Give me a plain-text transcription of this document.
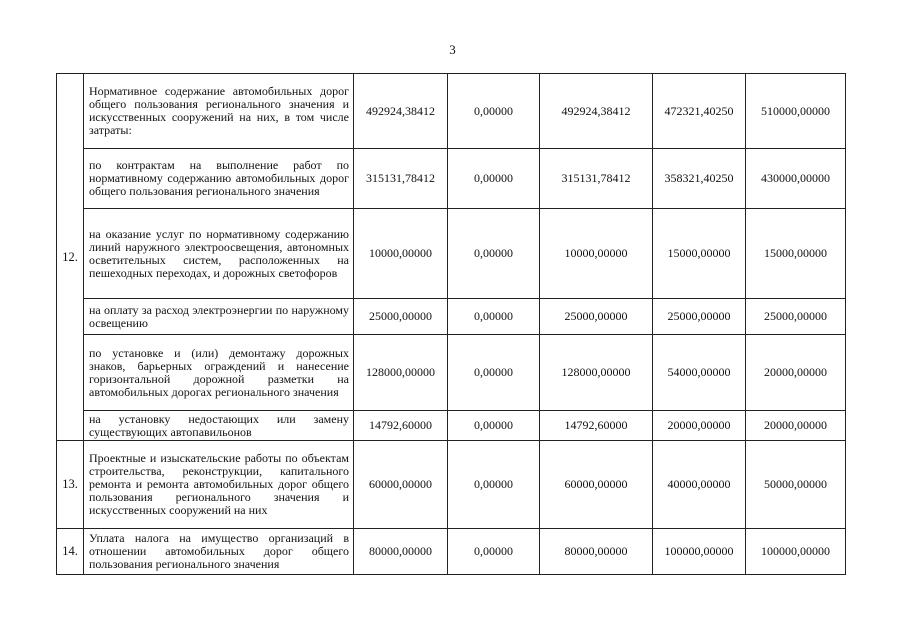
3
12.	Нормативное содержание автомобильных дорог общего пользования регионального значения и искусственных сооружений на них, в том числе затраты:	492924,38412	0,00000	492924,38412	472321,40250	510000,00000
	по контрактам на выполнение работ по нормативному содержанию автомобильных дорог общего пользования регионального значения	315131,78412	0,00000	315131,78412	358321,40250	430000,00000
	на оказание услуг по нормативному содержанию линий наружного электроосвещения, автономных осветительных систем, расположенных на пешеходных переходах, и дорожных светофоров	10000,00000	0,00000	10000,00000	15000,00000	15000,00000
	на оплату за расход электроэнергии по наружному освещению	25000,00000	0,00000	25000,00000	25000,00000	25000,00000
	по установке и (или) демонтажу дорожных знаков, барьерных ограждений и нанесение горизонтальной дорожной разметки на автомобильных дорогах регионального значения	128000,00000	0,00000	128000,00000	54000,00000	20000,00000
	на установку недостающих или замену существующих автопавильонов	14792,60000	0,00000	14792,60000	20000,00000	20000,00000
13.	Проектные и изыскательские работы по объектам строительства, реконструкции, капитального ремонта и ремонта автомобильных дорог общего пользования регионального значения и искусственных сооружений на них	60000,00000	0,00000	60000,00000	40000,00000	50000,00000
14.	Уплата налога на имущество организаций в отношении автомобильных дорог общего пользования регионального значения	80000,00000	0,00000	80000,00000	100000,00000	100000,00000
